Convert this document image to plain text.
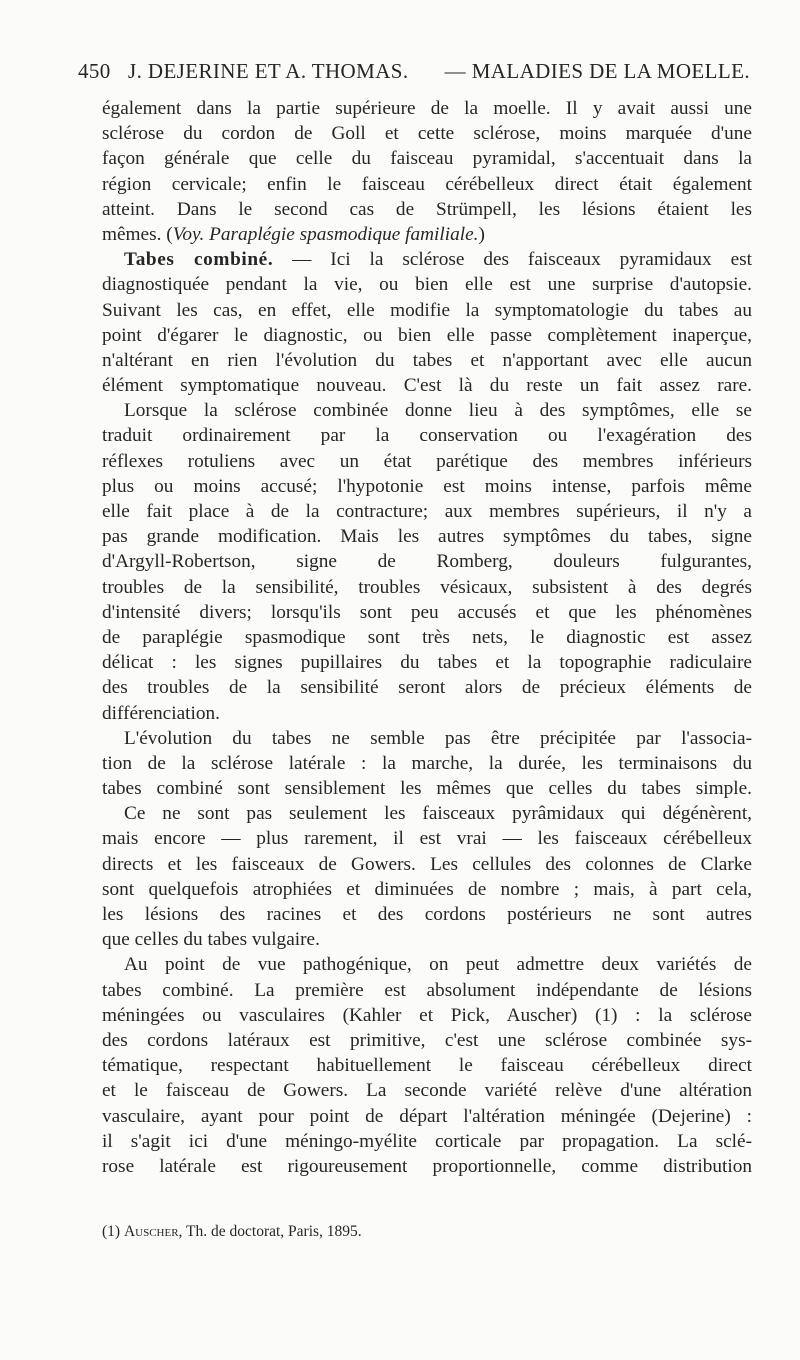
450 J. DEJERINE ET A. THOMAS. — MALADIES DE LA MOELLE.
également dans la partie supérieure de la moelle. Il y avait aussi une
sclérose du cordon de Goll et cette sclérose, moins marquée d'une
façon générale que celle du faisceau pyramidal, s'accentuait dans la
région cervicale; enfin le faisceau cérébelleux direct était également
atteint. Dans le second cas de Strümpell, les lésions étaient les
mêmes. (Voy. Paraplégie spasmodique familiale.)
Tabes combiné. — Ici la sclérose des faisceaux pyramidaux est
diagnostiquée pendant la vie, ou bien elle est une surprise d'autopsie.
Suivant les cas, en effet, elle modifie la symptomatologie du tabes au
point d'égarer le diagnostic, ou bien elle passe complètement inaperçue,
n'altérant en rien l'évolution du tabes et n'apportant avec elle aucun
élément symptomatique nouveau. C'est là du reste un fait assez rare.
Lorsque la sclérose combinée donne lieu à des symptômes, elle se
traduit ordinairement par la conservation ou l'exagération des
réflexes rotuliens avec un état parétique des membres inférieurs
plus ou moins accusé; l'hypotonie est moins intense, parfois même
elle fait place à de la contracture; aux membres supérieurs, il n'y a
pas grande modification. Mais les autres symptômes du tabes, signe
d'Argyll-Robertson, signe de Romberg, douleurs fulgurantes,
troubles de la sensibilité, troubles vésicaux, subsistent à des degrés
d'intensité divers; lorsqu'ils sont peu accusés et que les phénomènes
de paraplégie spasmodique sont très nets, le diagnostic est assez
délicat : les signes pupillaires du tabes et la topographie radiculaire
des troubles de la sensibilité seront alors de précieux éléments de
différenciation.
L'évolution du tabes ne semble pas être précipitée par l'associa-
tion de la sclérose latérale : la marche, la durée, les terminaisons du
tabes combiné sont sensiblement les mêmes que celles du tabes simple.
Ce ne sont pas seulement les faisceaux pyrâmidaux qui dégénèrent,
mais encore — plus rarement, il est vrai — les faisceaux cérébelleux
directs et les faisceaux de Gowers. Les cellules des colonnes de Clarke
sont quelquefois atrophiées et diminuées de nombre ; mais, à part cela,
les lésions des racines et des cordons postérieurs ne sont autres
que celles du tabes vulgaire.
Au point de vue pathogénique, on peut admettre deux variétés de
tabes combiné. La première est absolument indépendante de lésions
méningées ou vasculaires (Kahler et Pick, Auscher) (1) : la sclérose
des cordons latéraux est primitive, c'est une sclérose combinée sys-
tématique, respectant habituellement le faisceau cérébelleux direct
et le faisceau de Gowers. La seconde variété relève d'une altération
vasculaire, ayant pour point de départ l'altération méningée (Dejerine) :
il s'agit ici d'une méningo-myélite corticale par propagation. La sclé-
rose latérale est rigoureusement proportionnelle, comme distribution
(1) Auscher, Th. de doctorat, Paris, 1895.
